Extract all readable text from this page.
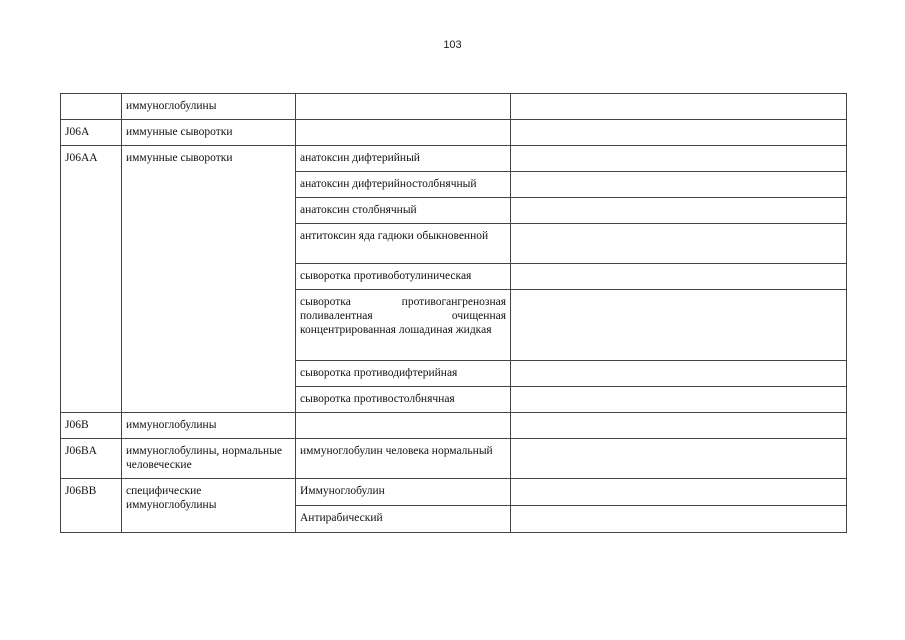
103
	иммуноглобулины		
J06A	иммунные сыворотки		
J06AA	иммунные сыворотки	анатоксин дифтерийный	
		анатоксин дифтерийностолбнячный	
		анатоксин столбнячный	

		антитоксин яда гадюки обыкновенной	

		сыворотка противоботулиническая	

		сыворотка противогангренозная поливалентная очищенная концентрированная лошадиная жидкая	

		сыворотка противодифтерийная	
		сыворотка противостолбнячная	
J06B	иммуноглобулины		
J06BA	иммуноглобулины, нормальные человеческие	иммуноглобулин человека нормальный	

J06BB	специфические иммуноглобулины	Иммуноглобулин	
		Антирабический	
